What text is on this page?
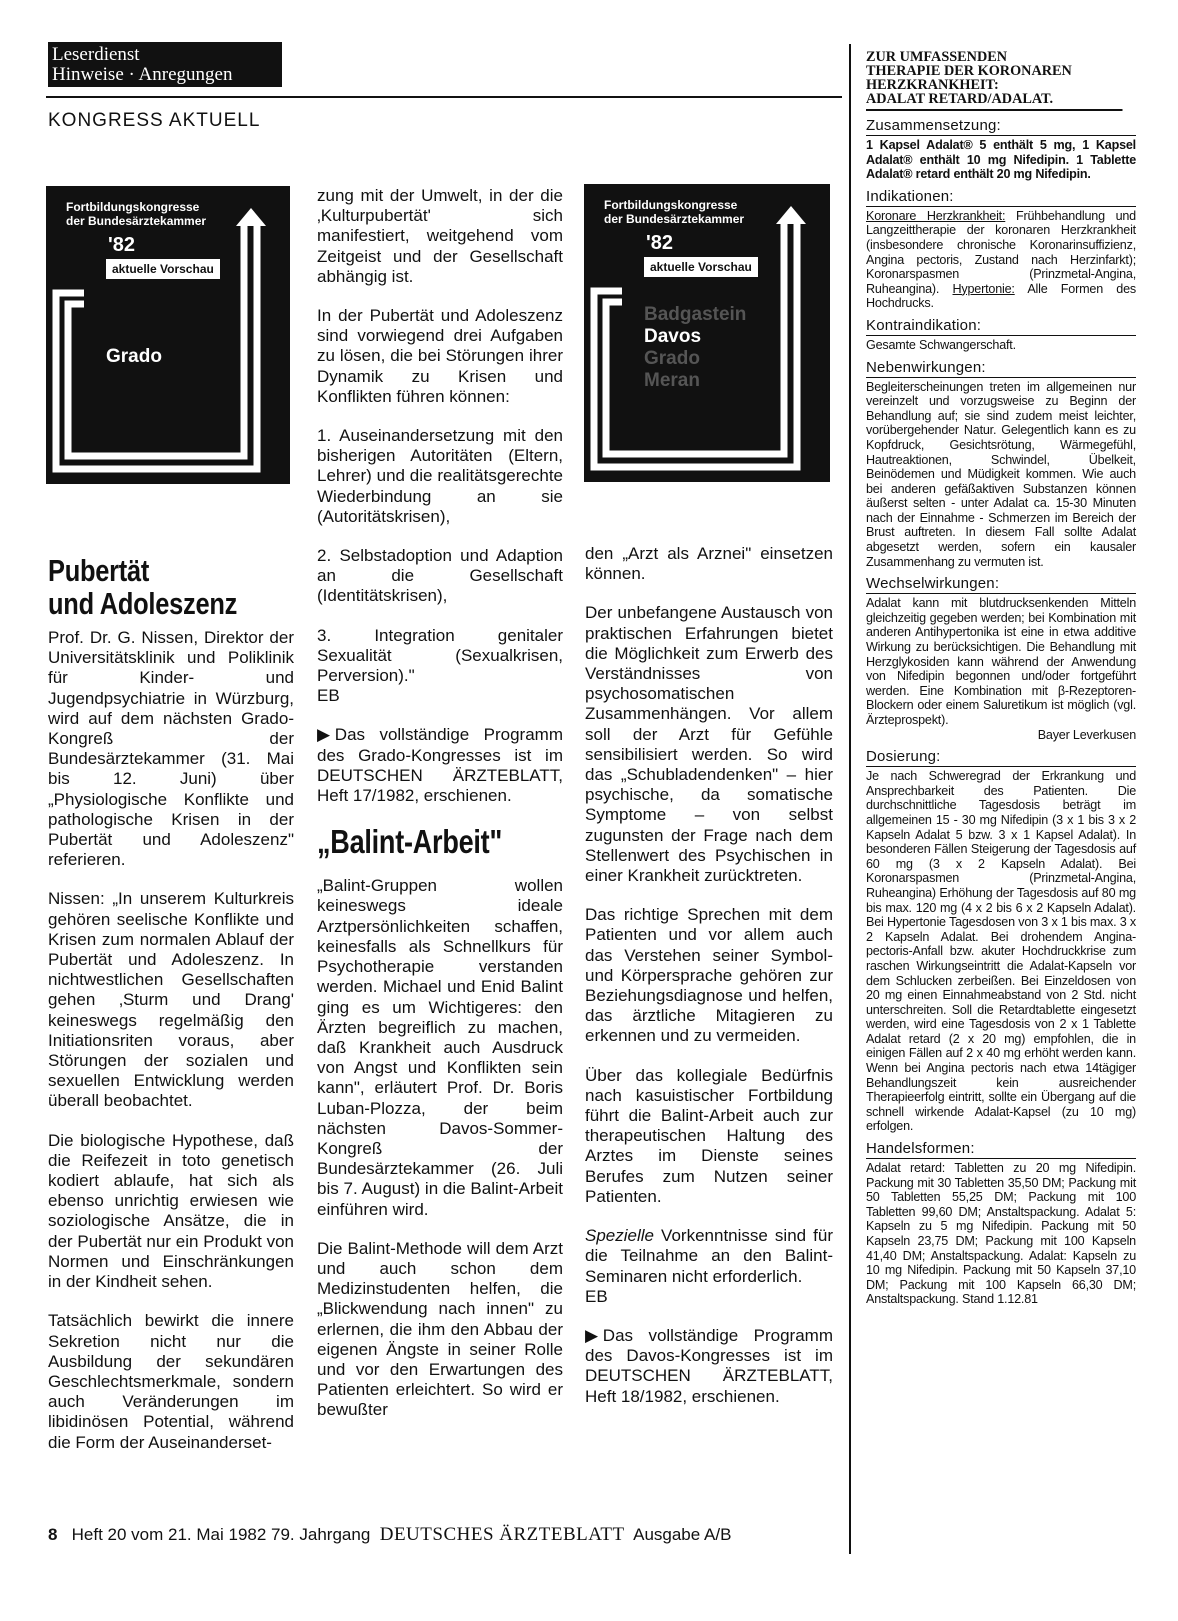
Leserdienst
Hinweise · Anregungen
KONGRESS AKTUELL
Fortbildungskongresse
der Bundesärztekammer
'82
aktuelle Vorschau
Grado
Fortbildungskongresse
der Bundesärztekammer
'82
aktuelle Vorschau
Badgastein
Davos
Grado
Meran
Pubertät
und Adoleszenz

Prof. Dr. G. Nissen, Direktor der Universitätsklinik und Poliklinik für Kinder- und Jugendpsychiatrie in Würzburg, wird auf dem nächsten Grado-Kongreß der Bundesärztekammer (31. Mai bis 12. Juni) über „Physiologische Konflikte und pathologische Krisen in der Pubertät und Adoleszenz" referieren.

Nissen: „In unserem Kulturkreis gehören seelische Konflikte und Krisen zum normalen Ablauf der Pubertät und Adoleszenz. In nichtwestlichen Gesellschaften gehen ‚Sturm und Drang' keineswegs regelmäßig den Initiationsriten voraus, aber Störungen der sozialen und sexuellen Entwicklung werden überall beobachtet.

Die biologische Hypothese, daß die Reifezeit in toto genetisch kodiert ablaufe, hat sich als ebenso unrichtig erwiesen wie soziologische Ansätze, die in der Pubertät nur ein Produkt von Normen und Einschränkungen in der Kindheit sehen.

Tatsächlich bewirkt die innere Sekretion nicht nur die Ausbildung der sekundären Geschlechtsmerkmale, sondern auch Veränderungen im libidinösen Potential, während die Form der Auseinanderset-

zung mit der Umwelt, in der die ‚Kulturpubertät' sich manifestiert, weitgehend vom Zeitgeist und der Gesellschaft abhängig ist.

In der Pubertät und Adoleszenz sind vorwiegend drei Aufgaben zu lösen, die bei Störungen ihrer Dynamik zu Krisen und Konflikten führen können:

1. Auseinandersetzung mit den bisherigen Autoritäten (Eltern, Lehrer) und die realitätsgerechte Wiederbindung an sie (Autoritätskrisen),

2. Selbstadoption und Adaption an die Gesellschaft (Identitätskrisen),

3. Integration genitaler Sexualität (Sexualkrisen, Perversion)."

EB

▶ Das vollständige Programm des Grado-Kongresses ist im DEUTSCHEN ÄRZTEBLATT, Heft 17/1982, erschienen.

„Balint-Arbeit"

„Balint-Gruppen wollen keineswegs ideale Arztpersönlichkeiten schaffen, keinesfalls als Schnellkurs für Psychotherapie verstanden werden. Michael und Enid Balint ging es um Wichtigeres: den Ärzten begreiflich zu machen, daß Krankheit auch Ausdruck von Angst und Konflikten sein kann", erläutert Prof. Dr. Boris Luban-Plozza, der beim nächsten Davos-Sommer-Kongreß der Bundesärztekammer (26. Juli bis 7. August) in die Balint-Arbeit einführen wird.

Die Balint-Methode will dem Arzt und auch schon dem Medizinstudenten helfen, die „Blickwendung nach innen" zu erlernen, die ihm den Abbau der eigenen Ängste in seiner Rolle und vor den Erwartungen des Patienten erleichtert. So wird er bewußter

den „Arzt als Arznei" einsetzen können.

Der unbefangene Austausch von praktischen Erfahrungen bietet die Möglichkeit zum Erwerb des Verständnisses von psychosomatischen Zusammenhängen. Vor allem soll der Arzt für Gefühle sensibilisiert werden. So wird das „Schubladendenken" – hier psychische, da somatische Symptome – von selbst zugunsten der Frage nach dem Stellenwert des Psychischen in einer Krankheit zurücktreten.

Das richtige Sprechen mit dem Patienten und vor allem auch das Verstehen seiner Symbol- und Körpersprache gehören zur Beziehungsdiagnose und helfen, das ärztliche Mitagieren zu erkennen und zu vermeiden.

Über das kollegiale Bedürfnis nach kasuistischer Fortbildung führt die Balint-Arbeit auch zur therapeutischen Haltung des Arztes im Dienste seines Berufes zum Nutzen seiner Patienten.

Spezielle Vorkenntnisse sind für die Teilnahme an den Balint-Seminaren nicht erforderlich.

EB

▶ Das vollständige Programm des Davos-Kongresses ist im DEUTSCHEN ÄRZTEBLATT, Heft 18/1982, erschienen.

ZUR UMFASSENDEN
THERAPIE DER KORONAREN
HERZKRANKHEIT:
ADALAT RETARD/ADALAT.
Zusammensetzung:
1 Kapsel Adalat® 5 enthält 5 mg, 1 Kapsel Adalat® enthält 10 mg Nifedipin. 1 Tablette Adalat® retard enthält 20 mg Nifedipin.
Indikationen:
Koronare Herzkrankheit: Frühbehandlung und Langzeittherapie der koronaren Herzkrankheit (insbesondere chronische Koronarinsuffizienz, Angina pectoris, Zustand nach Herzinfarkt); Koronarspasmen (Prinzmetal-Angina, Ruheangina). Hypertonie: Alle Formen des Hochdrucks.
Kontraindikation:
Gesamte Schwangerschaft.
Nebenwirkungen:
Begleiterscheinungen treten im allgemeinen nur vereinzelt und vorzugsweise zu Beginn der Behandlung auf; sie sind zudem meist leichter, vorübergehender Natur. Gelegentlich kann es zu Kopfdruck, Gesichtsrötung, Wärmegefühl, Hautreaktionen, Schwindel, Übelkeit, Beinödemen und Müdigkeit kommen. Wie auch bei anderen gefäßaktiven Substanzen können äußerst selten - unter Adalat ca. 15-30 Minuten nach der Einnahme - Schmerzen im Bereich der Brust auftreten. In diesem Fall sollte Adalat abgesetzt werden, sofern ein kausaler Zusammenhang zu vermuten ist.
Wechselwirkungen:
Adalat kann mit blutdrucksenkenden Mitteln gleichzeitig gegeben werden; bei Kombination mit anderen Antihypertonika ist eine in etwa additive Wirkung zu berücksichtigen. Die Behandlung mit Herzglykosiden kann während der Anwendung von Nifedipin begonnen und/oder fortgeführt werden. Eine Kombination mit β-Rezeptoren-Blockern oder einem Saluretikum ist möglich (vgl. Ärzteprospekt).
Bayer Leverkusen
Dosierung:
Je nach Schweregrad der Erkrankung und Ansprechbarkeit des Patienten. Die durchschnittliche Tagesdosis beträgt im allgemeinen 15 - 30 mg Nifedipin (3 x 1 bis 3 x 2 Kapseln Adalat 5 bzw. 3 x 1 Kapsel Adalat). In besonderen Fällen Steigerung der Tagesdosis auf 60 mg (3 x 2 Kapseln Adalat). Bei Koronarspasmen (Prinzmetal-Angina, Ruheangina) Erhöhung der Tagesdosis auf 80 mg bis max. 120 mg (4 x 2 bis 6 x 2 Kapseln Adalat). Bei Hypertonie Tagesdosen von 3 x 1 bis max. 3 x 2 Kapseln Adalat. Bei drohendem Angina-pectoris-Anfall bzw. akuter Hochdruckkrise zum raschen Wirkungseintritt die Adalat-Kapseln vor dem Schlucken zerbeißen. Bei Einzeldosen von 20 mg einen Einnahmeabstand von 2 Std. nicht unterschreiten. Soll die Retardtablette eingesetzt werden, wird eine Tagesdosis von 2 x 1 Tablette Adalat retard (2 x 20 mg) empfohlen, die in einigen Fällen auf 2 x 40 mg erhöht werden kann. Wenn bei Angina pectoris nach etwa 14tägiger Behandlungszeit kein ausreichender Therapieerfolg eintritt, sollte ein Übergang auf die schnell wirkende Adalat-Kapsel (zu 10 mg) erfolgen.
Handelsformen:
Adalat retard: Tabletten zu 20 mg Nifedipin. Packung mit 30 Tabletten 35,50 DM; Packung mit 50 Tabletten 55,25 DM; Packung mit 100 Tabletten 99,60 DM; Anstaltspackung. Adalat 5: Kapseln zu 5 mg Nifedipin. Packung mit 50 Kapseln 23,75 DM; Packung mit 100 Kapseln 41,40 DM; Anstaltspackung. Adalat: Kapseln zu 10 mg Nifedipin. Packung mit 50 Kapseln 37,10 DM; Packung mit 100 Kapseln 66,30 DM; Anstaltspackung. Stand 1.12.81
8 Heft 20 vom 21. Mai 1982 79. Jahrgang DEUTSCHES ÄRZTEBLATT Ausgabe A/B
